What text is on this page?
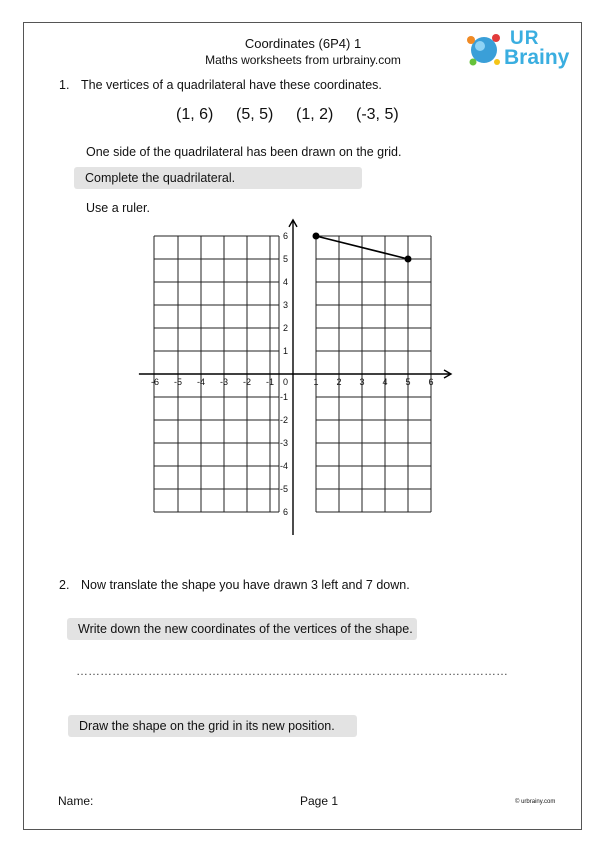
Coordinates (6P4) 1
Maths worksheets from urbrainy.com
UR
Brainy
1. The vertices of a quadrilateral have these coordinates.
(1, 6) (5, 5) (1, 2) (-3, 5)
One side of the quadrilateral has been drawn on the grid.
Complete the quadrilateral.
Use a ruler.
-6 -5 -4 -3 -2 -1 0	1 2 3 4 5 6
6
5
4
3
2
1
-1
-2
-3
-4
-5
6
2. Now translate the shape you have drawn 3 left and 7 down.
Write down the new coordinates of the vertices of the shape.
………………………………………………………………………………………………
Draw the shape on the grid in its new position.
Name:	Page 1	© urbrainy.com
